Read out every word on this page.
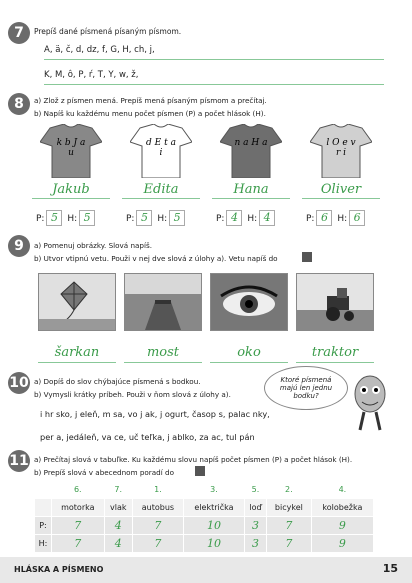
7	Prepíš dané písmená písaným písmom.
A, ä, č, d, dz, f, G, H, ch, j,
K, M, ô, P, ŕ, T, Y, w, ž,
8	a) Zlož z písmen mená. Prepíš mená písaným písmom a prečítaj.
b) Napíš ku každému menu počet písmen (P) a počet hlások (H).
k b J a u
Jakub
P: 5 H: 5
d E t a i
Edita
P: 5 H: 5
n a H a
Hana
P: 4 H: 4
l O e v r i
Oliver
P: 6 H: 6
9	a) Pomenuj obrázky. Slová napíš.
b) Utvor vtipnú vetu. Použi v nej dve slová z úlohy a). Vetu napíš do
šarkan	most	oko	traktor
10 a) Dopíš do slov chýbajúce písmená s bodkou.
b) Vymysli krátky príbeh. Použi v ňom slová z úlohy a).
Ktoré písmená majú len jednu bodku?
i hr sko, j eleň, m sa, vo j ak, j ogurt, časop s, palac nky,
per a, jedáleň, va ce, uč teľka, j ablko, za ac, tul pán
11 a) Prečítaj slová v tabuľke. Ku každému slovu napíš počet písmen (P) a počet hlások (H).
b) Prepíš slová v abecednom poradí do
	6.	7.	1.	3.	5.	2.	4.
	motorka	vlak	autobus	električka	loď	bicykel	kolobežka
P:	7	4	7	10	3	7	9
H:	7	4	7	10	3	7	9
HLÁSKA A PÍSMENO	15
